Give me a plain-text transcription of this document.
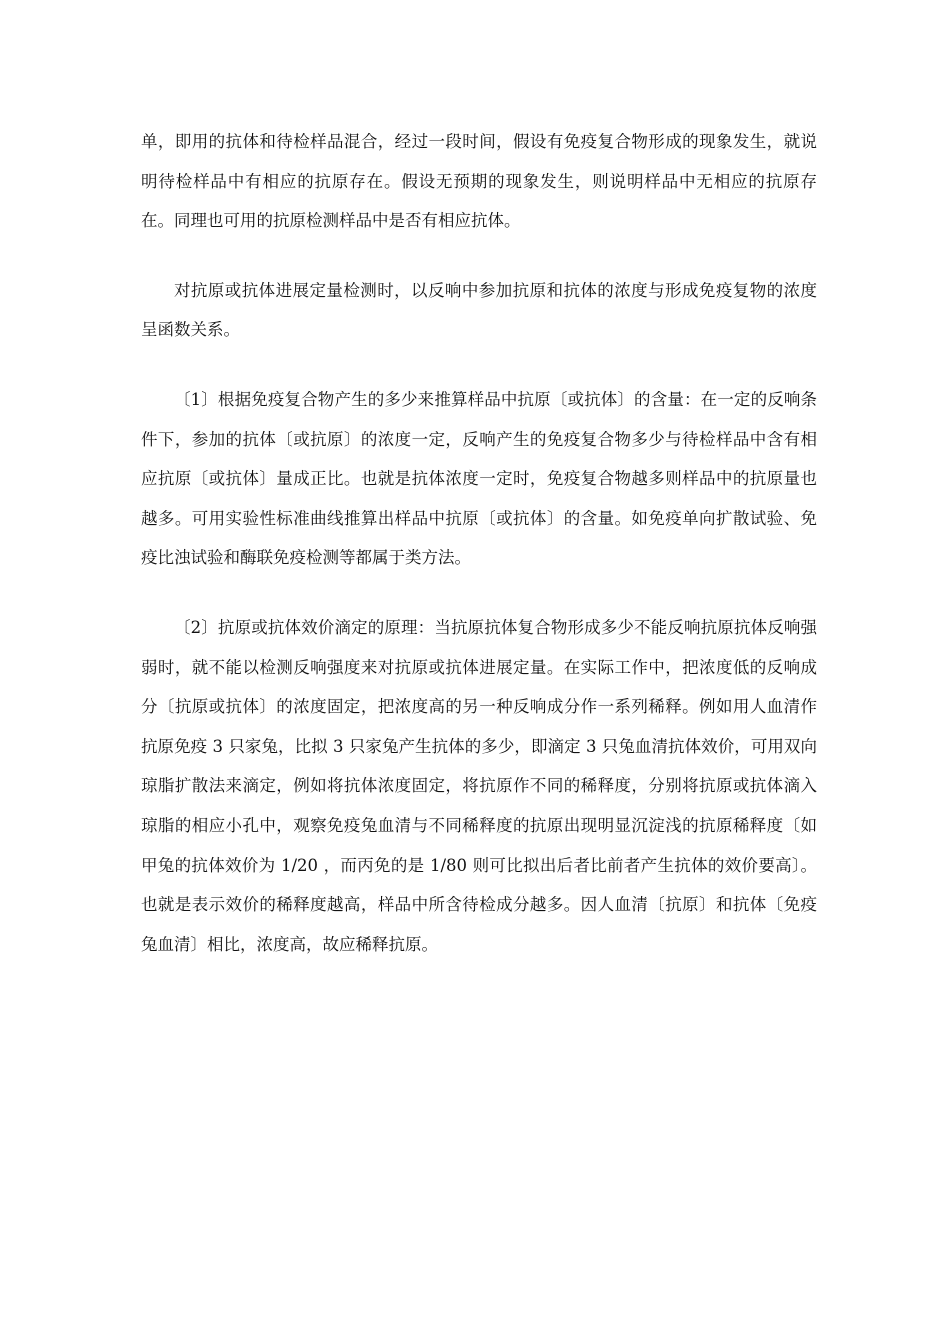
单，即用的抗体和待检样品混合，经过一段时间，假设有免疫复合物形成的现象发生，就说明待检样品中有相应的抗原存在。假设无预期的现象发生，则说明样品中无相应的抗原存在。同理也可用的抗原检测样品中是否有相应抗体。

对抗原或抗体进展定量检测时，以反响中参加抗原和抗体的浓度与形成免疫复物的浓度呈函数关系。

〔1〕根据免疫复合物产生的多少来推算样品中抗原〔或抗体〕的含量：在一定的反响条件下，参加的抗体〔或抗原〕的浓度一定，反响产生的免疫复合物多少与待检样品中含有相应抗原〔或抗体〕量成正比。也就是抗体浓度一定时，免疫复合物越多则样品中的抗原量也越多。可用实验性标准曲线推算出样品中抗原〔或抗体〕的含量。如免疫单向扩散试验、免疫比浊试验和酶联免疫检测等都属于类方法。

〔2〕抗原或抗体效价滴定的原理：当抗原抗体复合物形成多少不能反响抗原抗体反响强弱时，就不能以检测反响强度来对抗原或抗体进展定量。在实际工作中，把浓度低的反响成分〔抗原或抗体〕的浓度固定，把浓度高的另一种反响成分作一系列稀释。例如用人血清作抗原免疫 3 只家兔，比拟 3 只家兔产生抗体的多少，即滴定 3 只兔血清抗体效价，可用双向琼脂扩散法来滴定，例如将抗体浓度固定，将抗原作不同的稀释度，分别将抗原或抗体滴入琼脂的相应小孔中，观察免疫兔血清与不同稀释度的抗原出现明显沉淀浅的抗原稀释度〔如甲兔的抗体效价为 1/20 ，而丙免的是 1/80 则可比拟出后者比前者产生抗体的效价要高〕。也就是表示效价的稀释度越高，样品中所含待检成分越多。因人血清〔抗原〕和抗体〔免疫兔血清〕相比，浓度高，故应稀释抗原。
